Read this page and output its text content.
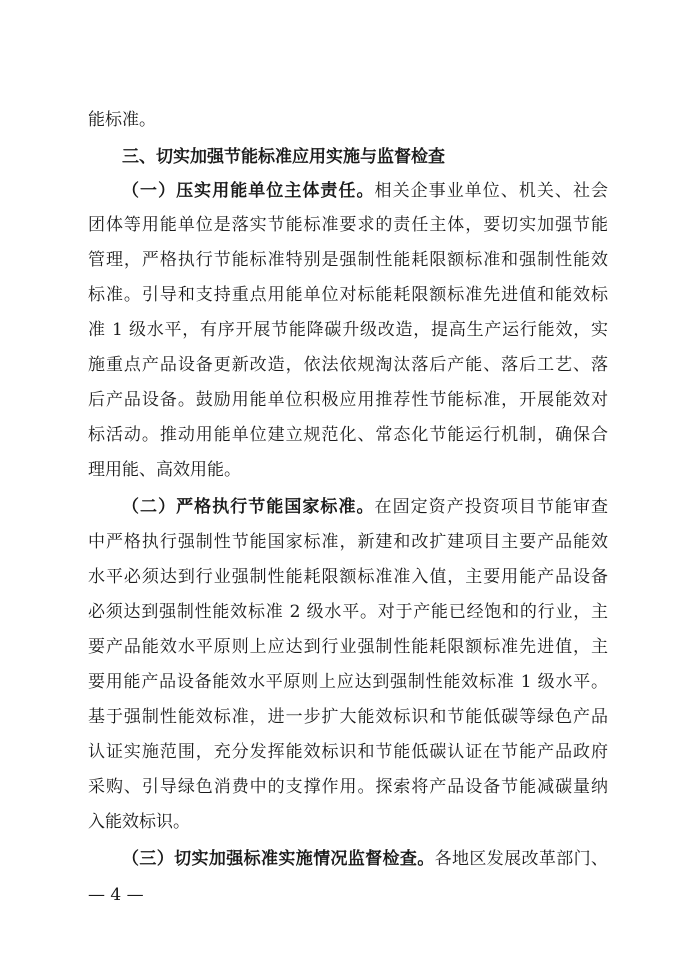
能标准。
三、切实加强节能标准应用实施与监督检查
（一）压实用能单位主体责任。相关企事业单位、机关、社会
团体等用能单位是落实节能标准要求的责任主体，要切实加强节能
管理，严格执行节能标准特别是强制性能耗限额标准和强制性能效
标准。引导和支持重点用能单位对标能耗限额标准先进值和能效标
准 1 级水平，有序开展节能降碳升级改造，提高生产运行能效，实
施重点产品设备更新改造，依法依规淘汰落后产能、落后工艺、落
后产品设备。鼓励用能单位积极应用推荐性节能标准，开展能效对
标活动。推动用能单位建立规范化、常态化节能运行机制，确保合
理用能、高效用能。
（二）严格执行节能国家标准。在固定资产投资项目节能审查
中严格执行强制性节能国家标准，新建和改扩建项目主要产品能效
水平必须达到行业强制性能耗限额标准准入值，主要用能产品设备
必须达到强制性能效标准 2 级水平。对于产能已经饱和的行业，主
要产品能效水平原则上应达到行业强制性能耗限额标准先进值，主
要用能产品设备能效水平原则上应达到强制性能效标准 1 级水平。
基于强制性能效标准，进一步扩大能效标识和节能低碳等绿色产品
认证实施范围，充分发挥能效标识和节能低碳认证在节能产品政府
采购、引导绿色消费中的支撑作用。探索将产品设备节能减碳量纳
入能效标识。
（三）切实加强标准实施情况监督检查。各地区发展改革部门、
— 4 —
